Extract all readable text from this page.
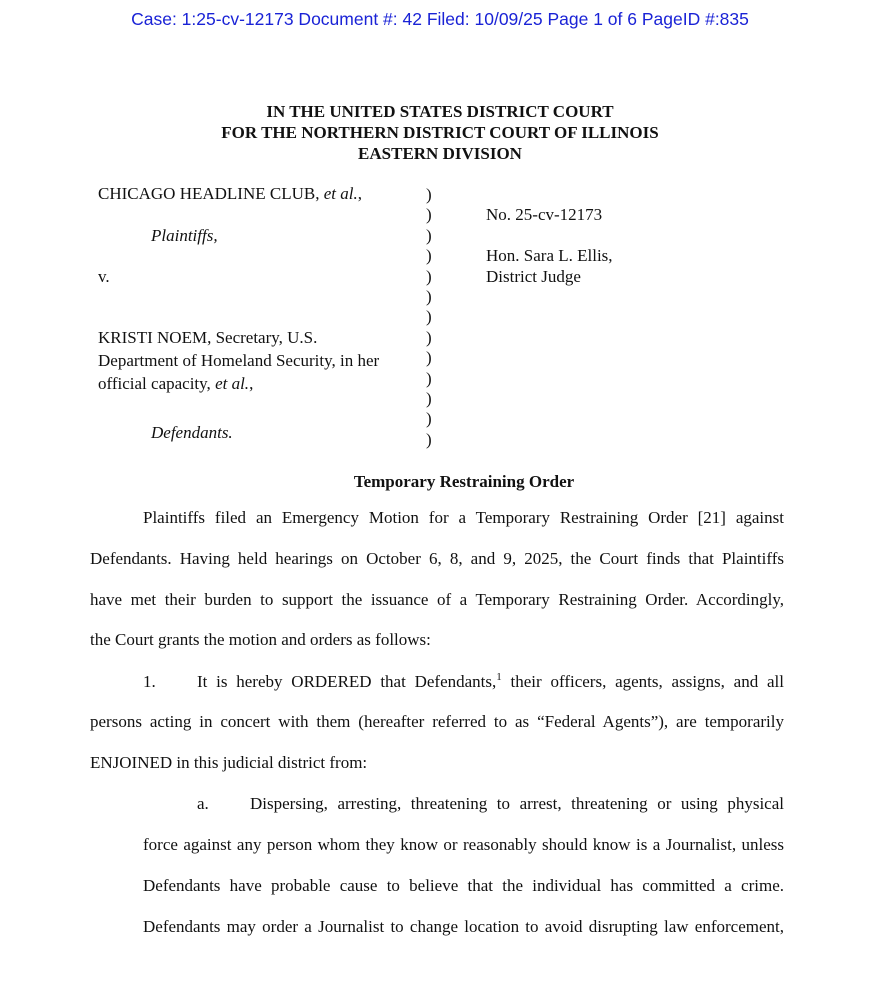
Case: 1:25-cv-12173 Document #: 42 Filed: 10/09/25 Page 1 of 6 PageID #:835
IN THE UNITED STATES DISTRICT COURT
FOR THE NORTHERN DISTRICT COURT OF ILLINOIS
EASTERN DIVISION
CHICAGO HEADLINE CLUB, et al.,
Plaintiffs,
v.
KRISTI NOEM, Secretary, U.S.
Department of Homeland Security, in her
official capacity, et al.,
Defendants.
)
)
)
)
)
)
)
)
)
)
)
)
)
No. 25-cv-12173
Hon. Sara L. Ellis,
District Judge
Temporary Restraining Order
Plaintiffs filed an Emergency Motion for a Temporary Restraining Order [21] against
Defendants. Having held hearings on October 6, 8, and 9, 2025, the Court finds that Plaintiffs
have met their burden to support the issuance of a Temporary Restraining Order. Accordingly,
the Court grants the motion and orders as follows:
1. It is hereby ORDERED that Defendants,$^1$ their officers, agents, assigns, and all
persons acting in concert with them (hereafter referred to as “Federal Agents”), are temporarily
ENJOINED in this judicial district from:
a. Dispersing, arresting, threatening to arrest, threatening or using physical
force against any person whom they know or reasonably should know is a Journalist, unless
Defendants have probable cause to believe that the individual has committed a crime.
Defendants may order a Journalist to change location to avoid disrupting law enforcement,
